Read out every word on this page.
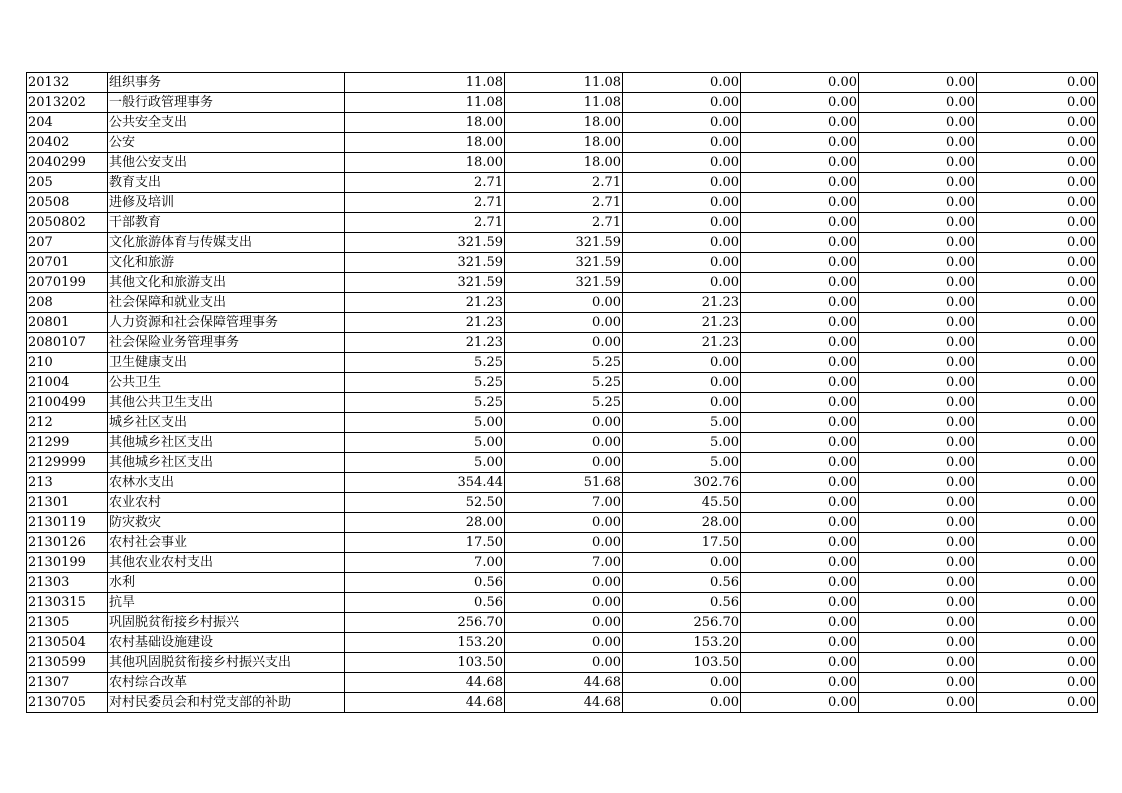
20132	组织事务	11.08	11.08	0.00	0.00	0.00	0.00
2013202	一般行政管理事务	11.08	11.08	0.00	0.00	0.00	0.00
204	公共安全支出	18.00	18.00	0.00	0.00	0.00	0.00
20402	公安	18.00	18.00	0.00	0.00	0.00	0.00
2040299	其他公安支出	18.00	18.00	0.00	0.00	0.00	0.00
205	教育支出	2.71	2.71	0.00	0.00	0.00	0.00
20508	进修及培训	2.71	2.71	0.00	0.00	0.00	0.00
2050802	干部教育	2.71	2.71	0.00	0.00	0.00	0.00
207	文化旅游体育与传媒支出	321.59	321.59	0.00	0.00	0.00	0.00
20701	文化和旅游	321.59	321.59	0.00	0.00	0.00	0.00
2070199	其他文化和旅游支出	321.59	321.59	0.00	0.00	0.00	0.00
208	社会保障和就业支出	21.23	0.00	21.23	0.00	0.00	0.00
20801	人力资源和社会保障管理事务	21.23	0.00	21.23	0.00	0.00	0.00
2080107	社会保险业务管理事务	21.23	0.00	21.23	0.00	0.00	0.00
210	卫生健康支出	5.25	5.25	0.00	0.00	0.00	0.00
21004	公共卫生	5.25	5.25	0.00	0.00	0.00	0.00
2100499	其他公共卫生支出	5.25	5.25	0.00	0.00	0.00	0.00
212	城乡社区支出	5.00	0.00	5.00	0.00	0.00	0.00
21299	其他城乡社区支出	5.00	0.00	5.00	0.00	0.00	0.00
2129999	其他城乡社区支出	5.00	0.00	5.00	0.00	0.00	0.00
213	农林水支出	354.44	51.68	302.76	0.00	0.00	0.00
21301	农业农村	52.50	7.00	45.50	0.00	0.00	0.00
2130119	防灾救灾	28.00	0.00	28.00	0.00	0.00	0.00
2130126	农村社会事业	17.50	0.00	17.50	0.00	0.00	0.00
2130199	其他农业农村支出	7.00	7.00	0.00	0.00	0.00	0.00
21303	水利	0.56	0.00	0.56	0.00	0.00	0.00
2130315	抗旱	0.56	0.00	0.56	0.00	0.00	0.00
21305	巩固脱贫衔接乡村振兴	256.70	0.00	256.70	0.00	0.00	0.00
2130504	农村基础设施建设	153.20	0.00	153.20	0.00	0.00	0.00
2130599	其他巩固脱贫衔接乡村振兴支出	103.50	0.00	103.50	0.00	0.00	0.00
21307	农村综合改革	44.68	44.68	0.00	0.00	0.00	0.00
2130705	对村民委员会和村党支部的补助	44.68	44.68	0.00	0.00	0.00	0.00
